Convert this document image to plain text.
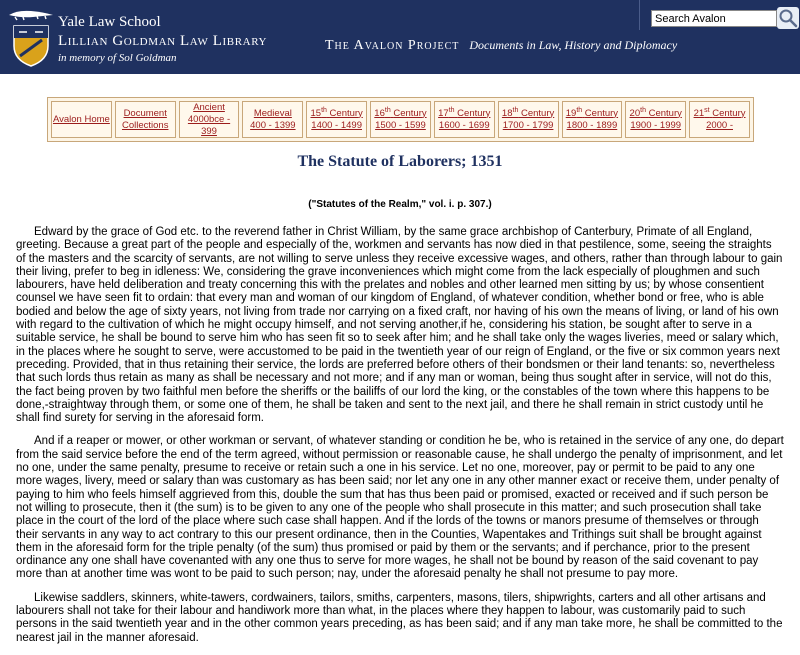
Yale Law School
Lillian Goldman Law Library
in memory of Sol Goldman
The Avalon Project Documents in Law, History and Diplomacy
Search Avalon
Avalon Home
Document
Collections
Ancient
4000bce - 399
Medieval
400 - 1399
15th Century
1400 - 1499
16th Century
1500 - 1599
17th Century
1600 - 1699
18th Century
1700 - 1799
19th Century
1800 - 1899
20th Century
1900 - 1999
21st Century
2000 -
The Statute of Laborers; 1351
("Statutes of the Realm," vol. i. p. 307.)

Edward by the grace of God etc. to the reverend father in Christ William, by the same grace archbishop of Canterbury, Primate of all England, greeting. Because a great part of the people and especially of the, workmen and servants has now died in that pestilence, some, seeing the straights of the masters and the scarcity of servants, are not willing to serve unless they receive excessive wages, and others, rather than through labour to gain their living, prefer to beg in idleness: We, considering the grave inconveniences which might come from the lack especially of ploughmen and such labourers, have held deliberation and treaty concerning this with the prelates and nobles and other learned men sitting by us; by whose consentient counsel we have seen fit to ordain: that every man and woman of our kingdom of England, of whatever condition, whether bond or free, who is able bodied and below the age of sixty years, not living from trade nor carrying on a fixed craft, nor having of his own the means of living, or land of his own with regard to the cultivation of which he might occupy himself, and not serving another,if he, considering his station, be sought after to serve in a suitable service, he shall be bound to serve him who has seen fit so to seek after him; and he shall take only the wages liveries, meed or salary which, in the places where he sought to serve, were accustomed to be paid in the twentieth year of our reign of England, or the five or six common years next preceding. Provided, that in thus retaining their service, the lords are preferred before others of their bondsmen or their land tenants: so, nevertheless that such lords thus retain as many as shall be necessary and not more; and if any man or woman, being thus sought after in service, will not do this, the fact being proven by two faithful men before the sheriffs or the bailiffs of our lord the king, or the constables of the town where this happens to be done,-straightway through them, or some one of them, he shall be taken and sent to the next jail, and there he shall remain in strict custody until he shall find surety for serving in the aforesaid form.

And if a reaper or mower, or other workman or servant, of whatever standing or condition he be, who is retained in the service of any one, do depart from the said service before the end of the term agreed, without permission or reasonable cause, he shall undergo the penalty of imprisonment, and let no one, under the same penalty, presume to receive or retain such a one in his service. Let no one, moreover, pay or permit to be paid to any one more wages, livery, meed or salary than was customary as has been said; nor let any one in any other manner exact or receive them, under penalty of paying to him who feels himself aggrieved from this, double the sum that has thus been paid or promised, exacted or received and if such person be not willing to prosecute, then it (the sum) is to be given to any one of the people who shall prosecute in this matter; and such prosecution shall take place in the court of the lord of the place where such case shall happen. And if the lords of the towns or manors presume of themselves or through their servants in any way to act contrary to this our present ordinance, then in the Counties, Wapentakes and Trithings suit shall be brought against them in the aforesaid form for the triple penalty (of the sum) thus promised or paid by them or the servants; and if perchance, prior to the present ordinance any one shall have covenanted with any one thus to serve for more wages, he shall not be bound by reason of the said covenant to pay more than at another time was wont to be paid to such person; nay, under the aforesaid penalty he shall not presume to pay more.

Likewise saddlers, skinners, white-tawers, cordwainers, tailors, smiths, carpenters, masons, tilers, shipwrights, carters and all other artisans and labourers shall not take for their labour and handiwork more than what, in the places where they happen to labour, was customarily paid to such persons in the said twentieth year and in the other common years preceding, as has been said; and if any man take more, he shall be committed to the nearest jail in the manner aforesaid.
